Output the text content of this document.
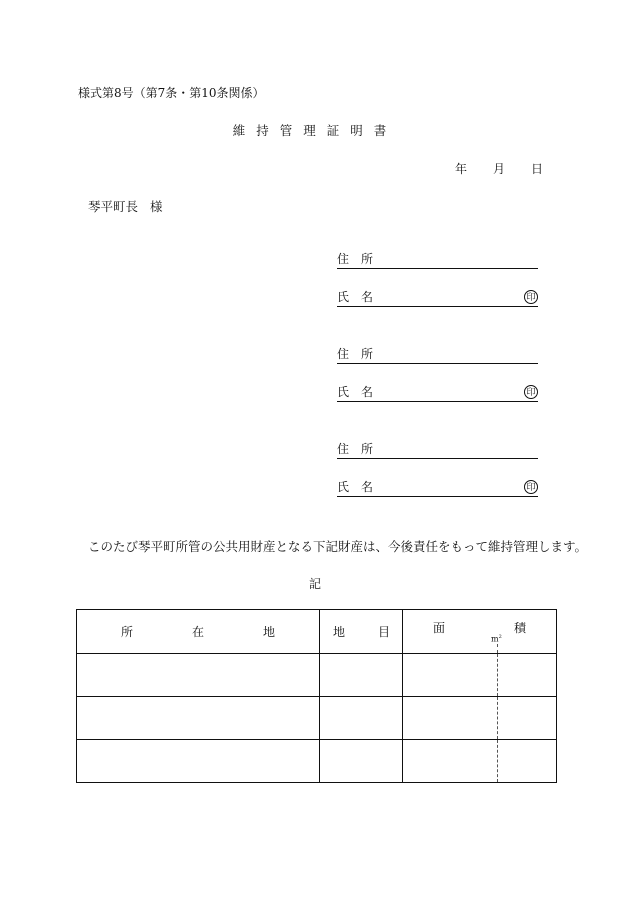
様式第8号（第7条・第10条関係）
維持管理証明書
年 月 日
琴平町長 様
住所
氏名	印
住所
氏名	印
住所
氏名	印
このたび琴平町所管の公共用財産となる下記財産は、今後責任をもって維持管理します。
記
所 在 地	地 目	面 積
$m^2$
